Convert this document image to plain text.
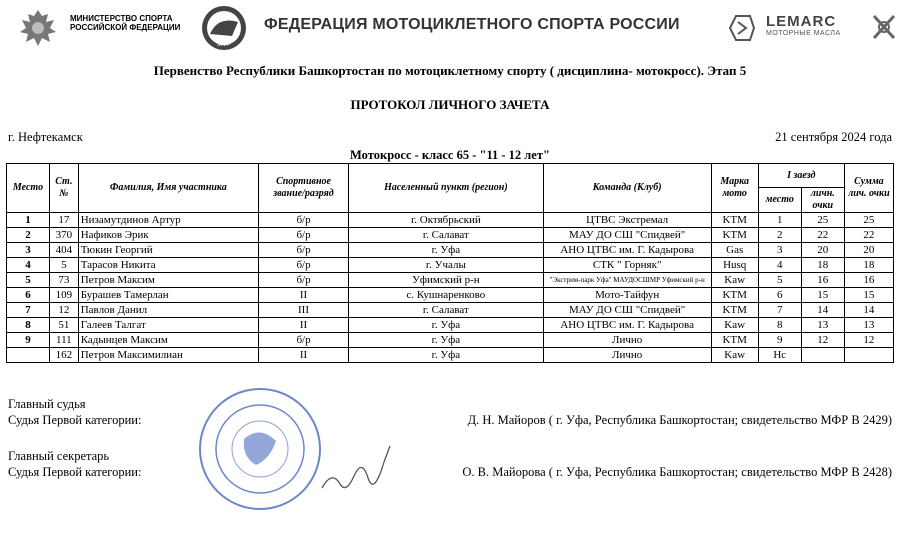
МИНИСТЕРСТВО СПОРТА
РОССИЙСКОЙ ФЕДЕРАЦИИ
МФР
ФЕДЕРАЦИЯ МОТОЦИКЛЕТНОГО СПОРТА РОССИИ	LEMARC
МОТОРНЫЕ МАСЛА
Первенство Республики Башкортостан по мотоциклетному спорту ( дисциплина- мотокросс). Этап 5
ПРОТОКОЛ ЛИЧНОГО ЗАЧЕТА
г. Нефтекамск	21 сентября 2024 года
Мотокросс - класс 65 - "11 - 12 лет"
Место	Ст. №	Фамилия, Имя участника	Спортивное звание/разряд	Населенный пункт (регион)	Команда (Клуб)	Марка мото	I заезд		Сумма лич. очки
							место	личн. очки	
1	17	Низамутдинов Артур	б/р	г. Октябрьский	ЦТВС Экстремал	KTM	1	25	25
2	370	Нафиков Эрик	б/р	г. Салават	МАУ ДО СШ "Спидвей"	KTM	2	22	22
3	404	Тюкин Георгий	б/р	г. Уфа	АНО ЦТВС им. Г. Кадырова	Gas	3	20	20
4	5	Тарасов Никита	б/р	г. Учалы	СТК " Горняк"	Husq	4	18	18
5	73	Петров Максим	б/р	Уфимский р-н	"Экстрим-парк Уфа" МАУДОСШМР Уфимский р-н	Kaw	5	16	16
6	109	Бурашев Тамерлан	II	с. Кушнаренково	Мото-Тайфун	KTM	6	15	15
7	12	Павлов Данил	III	г. Салават	МАУ ДО СШ "Спидвей"	KTM	7	14	14
8	51	Галеев Талгат	II	г. Уфа	АНО ЦТВС им. Г. Кадырова	Kaw	8	13	13
9	111	Кадынцев Максим	б/р	г. Уфа	Лично	KTM	9	12	12
	162	Петров Максимилиан	II	г. Уфа	Лично	Kaw	Нс		
Главный судья
Судья Первой категории:	Д. Н. Майоров ( г. Уфа, Республика Башкортостан; свидетельство МФР В 2429)
Главный секретарь
Судья Первой категории:	О. В. Майорова ( г. Уфа, Республика Башкортостан; свидетельство МФР В 2428)
